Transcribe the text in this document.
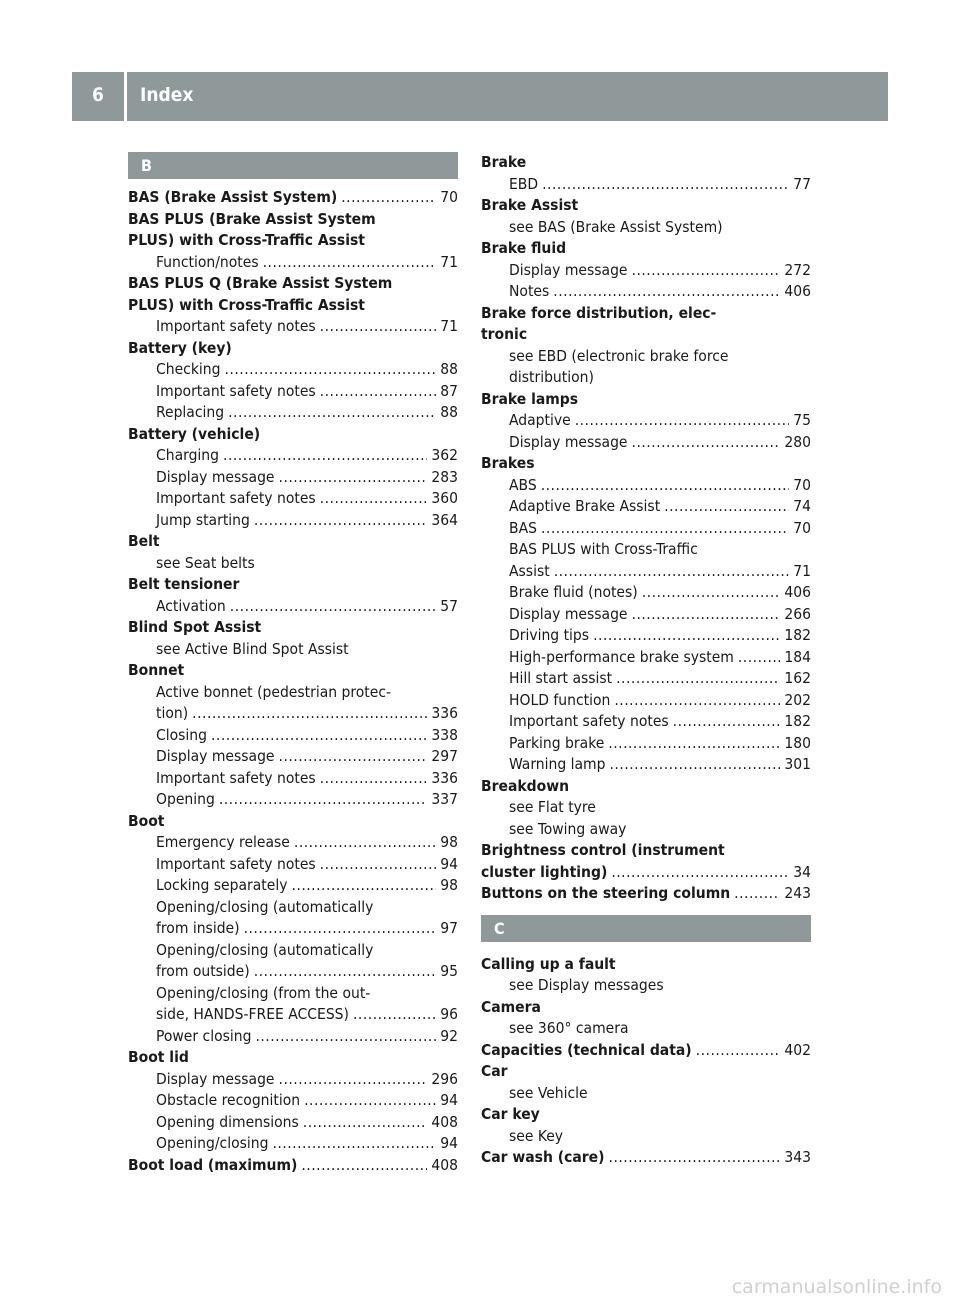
6 Index
B
BAS (Brake Assist System) .....	70
BAS PLUS (Brake Assist System
PLUS) with Cross-Traffic Assist
Function/notes .....	71
BAS PLUS Q (Brake Assist System
PLUS) with Cross-Traffic Assist
Important safety notes .....	71
Battery (key)
Checking .....	88
Important safety notes .....	87
Replacing .....	88
Battery (vehicle)
Charging .....	362
Display message .....	283
Important safety notes .....	360
Jump starting .....	364
Belt
see Seat belts
Belt tensioner
Activation .....	57
Blind Spot Assist
see Active Blind Spot Assist
Bonnet
Active bonnet (pedestrian protec-
tion) .....	336
Closing .....	338
Display message .....	297
Important safety notes .....	336
Opening .....	337
Boot
Emergency release .....	98
Important safety notes .....	94
Locking separately .....	98
Opening/closing (automatically
from inside) .....	97
Opening/closing (automatically
from outside) .....	95
Opening/closing (from the out-
side, HANDS-FREE ACCESS) .....	96
Power closing .....	92
Boot lid
Display message .....	296
Obstacle recognition .....	94
Opening dimensions .....	408
Opening/closing .....	94
Boot load (maximum) .....	408
Brake
EBD .....	77
Brake Assist
see BAS (Brake Assist System)
Brake fluid
Display message .....	272
Notes .....	406
Brake force distribution, elec-
tronic
see EBD (electronic brake force
distribution)
Brake lamps
Adaptive .....	75
Display message .....	280
Brakes
ABS .....	70
Adaptive Brake Assist .....	74
BAS .....	70
BAS PLUS with Cross-Traffic
Assist .....	71
Brake fluid (notes) .....	406
Display message .....	266
Driving tips .....	182
High-performance brake system .....	184
Hill start assist .....	162
HOLD function .....	202
Important safety notes .....	182
Parking brake .....	180
Warning lamp .....	301
Breakdown
see Flat tyre
see Towing away
Brightness control (instrument
cluster lighting) .....	34
Buttons on the steering column .....	243
C
Calling up a fault
see Display messages
Camera
see 360° camera
Capacities (technical data) .....	402
Car
see Vehicle
Car key
see Key
Car wash (care) .....	343
carmanualsonline.info
